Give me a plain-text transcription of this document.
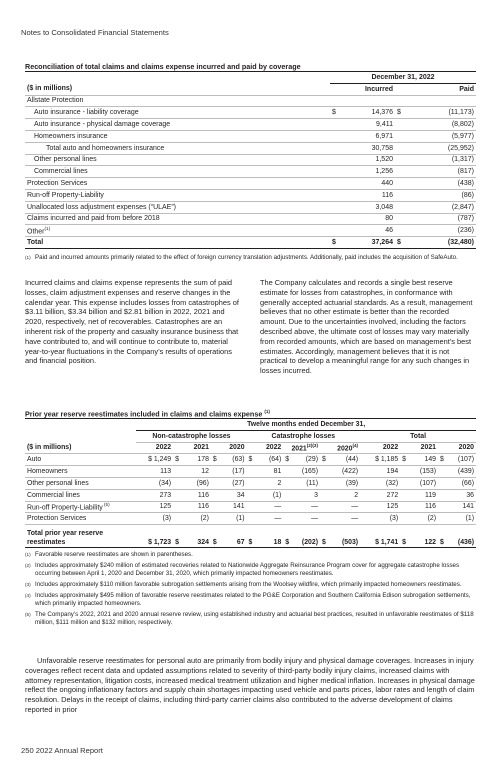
Notes to Consolidated Financial Statements
Reconciliation of total claims and claims expense incurred and paid by coverage
	December 31, 2022			
($ in millions)	Incurred		Paid	
Allstate Protection				
Auto insurance - liability coverage	$	14,376	$	(11,173)
Auto insurance - physical damage coverage		9,411		(8,802)
Homeowners insurance		6,971		(5,977)
Total auto and homeowners insurance		30,758		(25,952)
Other personal lines		1,520		(1,317)
Commercial lines		1,256		(817)
Protection Services		440		(438)
Run-off Property-Liability		116		(86)
Unallocated loss adjustment expenses (“ULAE”)		3,048		(2,847)
Claims incurred and paid from before 2018		80		(787)
Other$^{(1)}$		46		(236)
Total	$	37,264	$	(32,480)
(1) Paid and incurred amounts primarily related to the effect of foreign currency translation adjustments. Additionally, paid includes the acquisition of SafeAuto.
Incurred claims and claims expense represents the sum of paid losses, claim adjustment expenses and reserve changes in the calendar year. This expense includes losses from catastrophes of $3.11 billion, $3.34 billion and $2.81 billion in 2022, 2021 and 2020, respectively, net of recoverables. Catastrophes are an inherent risk of the property and casualty insurance business that have contributed to, and will continue to contribute to, material year-to-year fluctuations in the Company’s results of operations and financial position.
The Company calculates and records a single best reserve estimate for losses from catastrophes, in conformance with generally accepted actuarial standards. As a result, management believes that no other estimate is better than the recorded amount. Due to the uncertainties involved, including the factors described above, the ultimate cost of losses may vary materially from recorded amounts, which are based on management’s best estimates. Accordingly, management believes that it is not practical to develop a meaningful range for any such changes in losses incurred.
Prior year reserve reestimates included in claims and claims expense $^{(1)}$
	Twelve months ended December 31,															
	Non-catastrophe losses					Catastrophe losses						Total				
($ in millions)	2022	2021		2020		2022		$2021^{(2)(3)}$		2020$^{(4)}$		2022	2021		2020	
Auto	$ 1,249	$	178	$	(63)	$	(64)	$	(29)	$	(44)	$ 1,185	$	149	$	(107)
Homeowners	113		12		(17)		81		(165)		(422)	194		(153)		(439)
Other personal lines	(34)		(96)		(27)		2		(11)		(39)	(32)		(107)		(66)
Commercial lines	273		116		34		(1)		3		2	272		119		36
Run-off Property-Liability $^{(5)}$	125		116		141		—		—		—	125		116		141
Protection Services	(3)		(2)		(1)		—		—		—	(3)		(2)		(1)

Total prior year reserve
reestimates	$ 1,723	$	324	$	67	$	18	$	(202)	$	(503)	$ 1,741	$	122	$	(436)
(1) Favorable reserve reestimates are shown in parentheses.
(2) Includes approximately $240 million of estimated recoveries related to Nationwide Aggregate Reinsurance Program cover for aggregate catastrophe losses occurring between April 1, 2020 and December 31, 2020, which primarily impacted homeowners reestimates.
(3) Includes approximately $110 million favorable subrogation settlements arising from the Woolsey wildfire, which primarily impacted homeowners reestimates.
(4) Includes approximately $495 million of favorable reserve reestimates related to the PG&E Corporation and Southern California Edison subrogation settlements, which primarily impacted homeowners.
(5) The Company’s 2022, 2021 and 2020 annual reserve review, using established industry and actuarial best practices, resulted in unfavorable reestimates of $118 million, $111 million and $132 million, respectively.
Unfavorable reserve reestimates for personal auto are primarily from bodily injury and physical damage coverages. Increases in injury coverages reflect recent data and updated assumptions related to severity of third-party bodily injury claims, increased claims with attorney representation, litigation costs, increased medical treatment utilization and higher medical inflation. Increases in physical damage reflect the ongoing inflationary factors and supply chain shortages impacting used vehicle and parts prices, labor rates and length of claim resolution. Delays in the receipt of claims, including third-party carrier claims also contributed to the adverse development of claims reported in prior
250 2022 Annual Report
